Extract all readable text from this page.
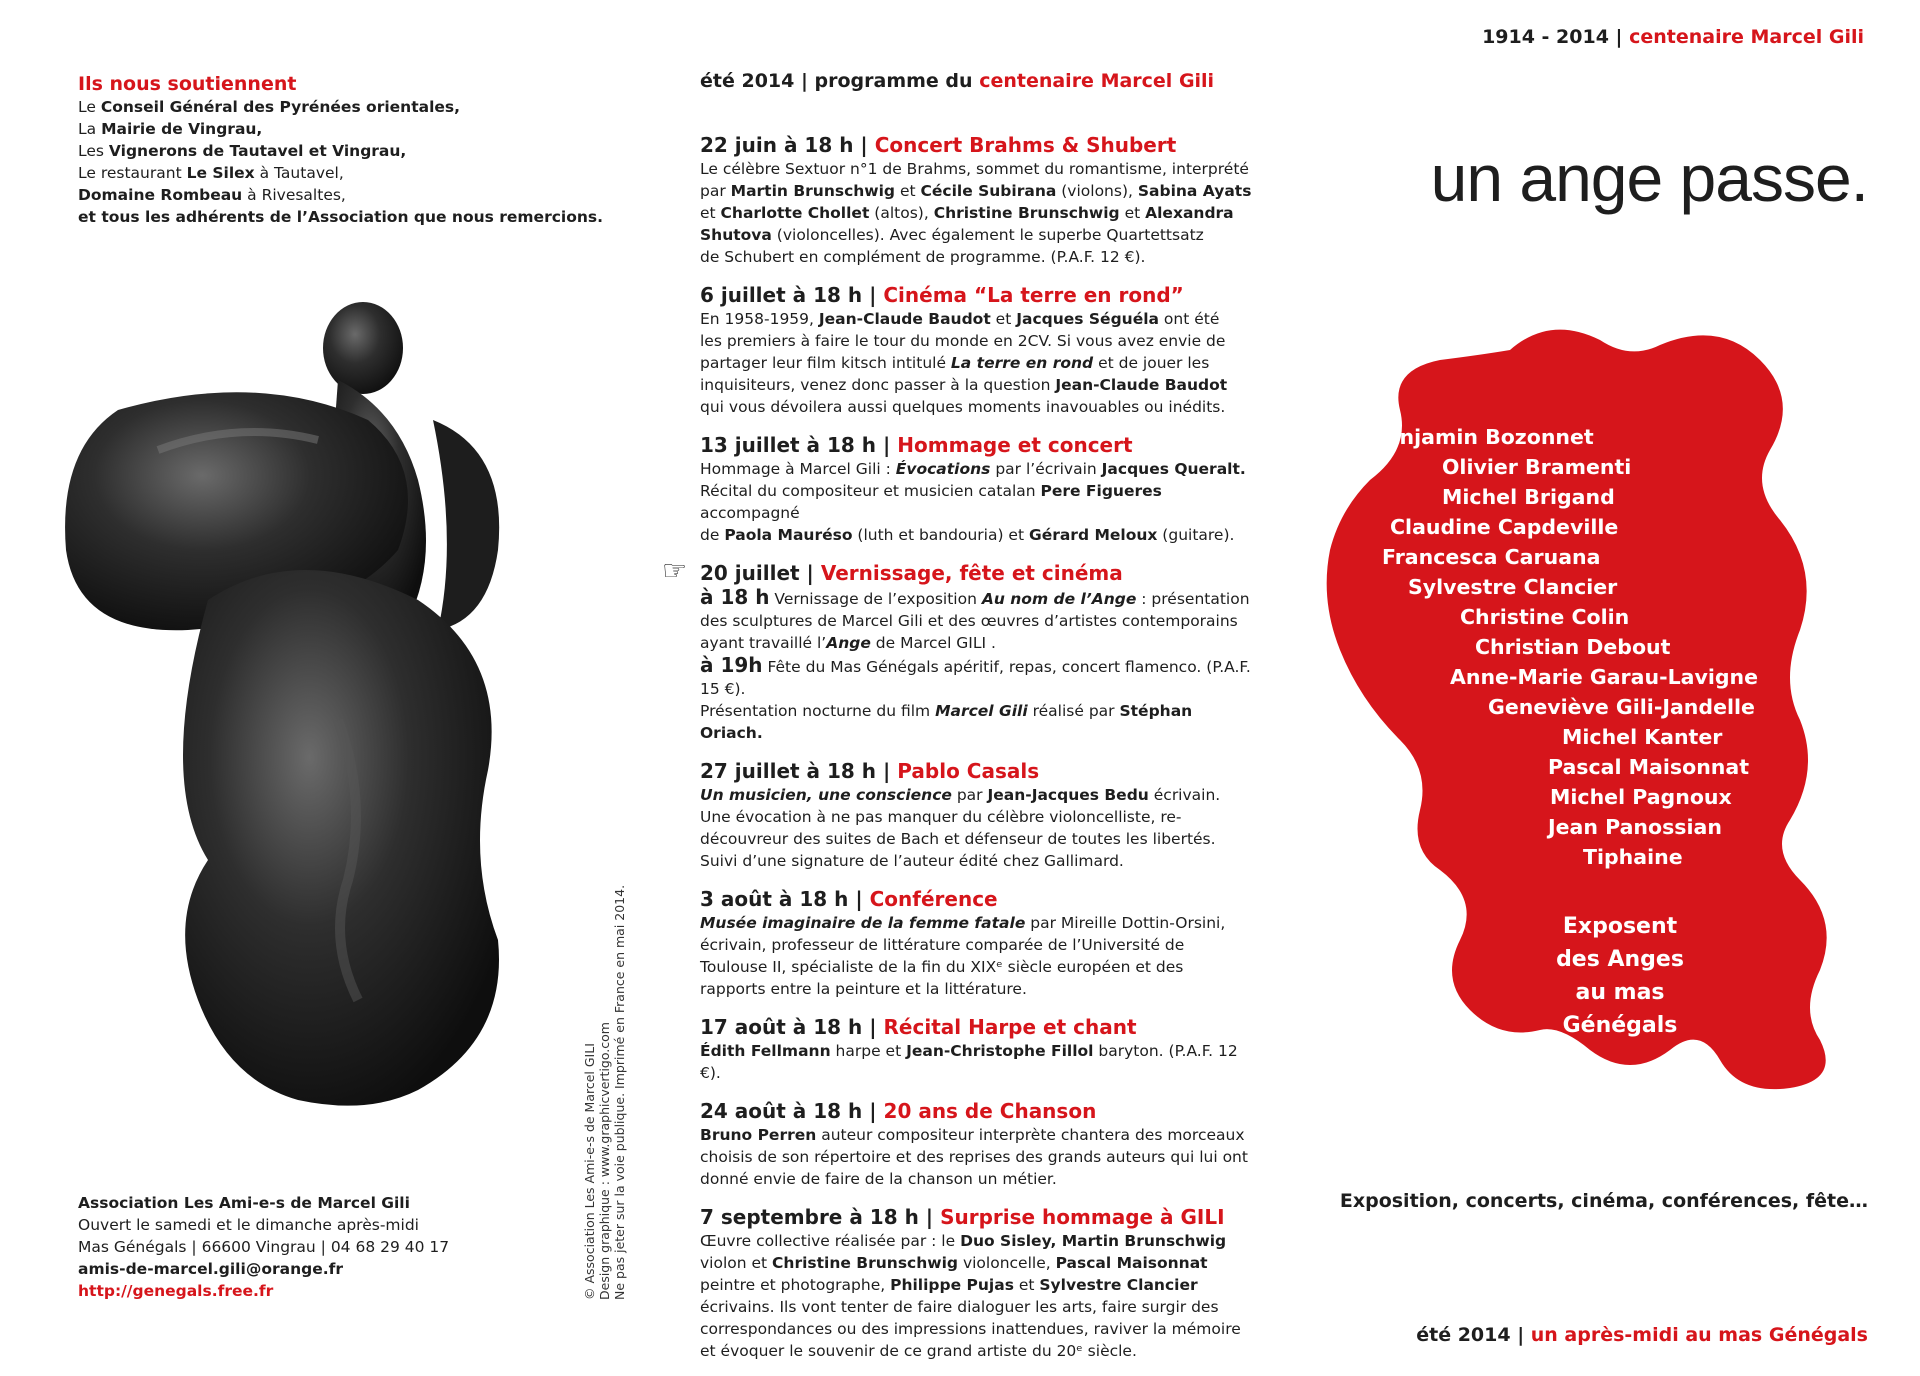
Ils nous soutiennent
Le Conseil Général des Pyrénées orientales,
La Mairie de Vingrau,
Les Vignerons de Tautavel et Vingrau,
Le restaurant Le Silex à Tautavel,
Domaine Rombeau à Rivesaltes,
et tous les adhérents de l’Association que nous remercions.
Association Les Ami-e-s de Marcel Gili
Ouvert le samedi et le dimanche après-midi
Mas Génégals | 66600 Vingrau | 04 68 29 40 17
amis-de-marcel.gili@orange.fr
http://genegals.free.fr	© Association Les Ami-e-s de Marcel GILI Design graphique : www.graphicvertigo.com Ne pas jeter sur la voie publique. Imprimé en France en mai 2014.
été 2014 | programme du centenaire Marcel Gili
☞
22 juin à 18 h | Concert Brahms & Shubert
Le célèbre Sextuor n°1 de Brahms, sommet du romantisme, interprété
par Martin Brunschwig et Cécile Subirana (violons), Sabina Ayats
et Charlotte Chollet (altos), Christine Brunschwig et Alexandra
Shutova (violoncelles). Avec également le superbe Quartettsatz
de Schubert en complément de programme. (P.A.F. 12 €).
6 juillet à 18 h | Cinéma “La terre en rond”
En 1958-1959, Jean-Claude Baudot et Jacques Séguéla ont été
les premiers à faire le tour du monde en 2CV. Si vous avez envie de
partager leur film kitsch intitulé La terre en rond et de jouer les
inquisiteurs, venez donc passer à la question Jean-Claude Baudot
qui vous dévoilera aussi quelques moments inavouables ou inédits.
13 juillet à 18 h | Hommage et concert
Hommage à Marcel Gili : Évocations par l’écrivain Jacques Queralt.
Récital du compositeur et musicien catalan Pere Figueres accompagné
de Paola Mauréso (luth et bandouria) et Gérard Meloux (guitare).
20 juillet | Vernissage, fête et cinéma
à 18 h Vernissage de l’exposition Au nom de l’Ange : présentation
des sculptures de Marcel Gili et des œuvres d’artistes contemporains
ayant travaillé l’Ange de Marcel GILI .
à 19h Fête du Mas Génégals apéritif, repas, concert flamenco. (P.A.F. 15 €).
Présentation nocturne du film Marcel Gili réalisé par Stéphan Oriach.
27 juillet à 18 h | Pablo Casals
Un musicien, une conscience par Jean-Jacques Bedu écrivain.
Une évocation à ne pas manquer du célèbre violoncelliste, re-
découvreur des suites de Bach et défenseur de toutes les libertés.
Suivi d’une signature de l’auteur édité chez Gallimard.
3 août à 18 h | Conférence
Musée imaginaire de la femme fatale par Mireille Dottin-Orsini,
écrivain, professeur de littérature comparée de l’Université de
Toulouse II, spécialiste de la fin du XIXᵉ siècle européen et des
rapports entre la peinture et la littérature.
17 août à 18 h | Récital Harpe et chant
Édith Fellmann harpe et Jean-Christophe Fillol baryton. (P.A.F. 12 €).
24 août à 18 h | 20 ans de Chanson
Bruno Perren auteur compositeur interprète chantera des morceaux
choisis de son répertoire et des reprises des grands auteurs qui lui ont
donné envie de faire de la chanson un métier.
7 septembre à 18 h | Surprise hommage à GILI
Œuvre collective réalisée par : le Duo Sisley, Martin Brunschwig
violon et Christine Brunschwig violoncelle, Pascal Maisonnat
peintre et photographe, Philippe Pujas et Sylvestre Clancier
écrivains. Ils vont tenter de faire dialoguer les arts, faire surgir des
correspondances ou des impressions inattendues, raviver la mémoire
et évoquer le souvenir de ce grand artiste du 20ᵉ siècle.
1914 - 2014 | centenaire Marcel Gili
un ange passe.
Benjamin Bozonnet
Olivier Bramenti
Michel Brigand
Claudine Capdeville
Francesca Caruana
Sylvestre Clancier
Christine Colin
Christian Debout
Anne-Marie Garau-Lavigne
Geneviève Gili-Jandelle
Michel Kanter
Pascal Maisonnat
Michel Pagnoux
Jean Panossian
Tiphaine
Exposent
des Anges
au mas Génégals
Exposition, concerts, cinéma, conférences, fête…
été 2014 | un après-midi au mas Génégals
